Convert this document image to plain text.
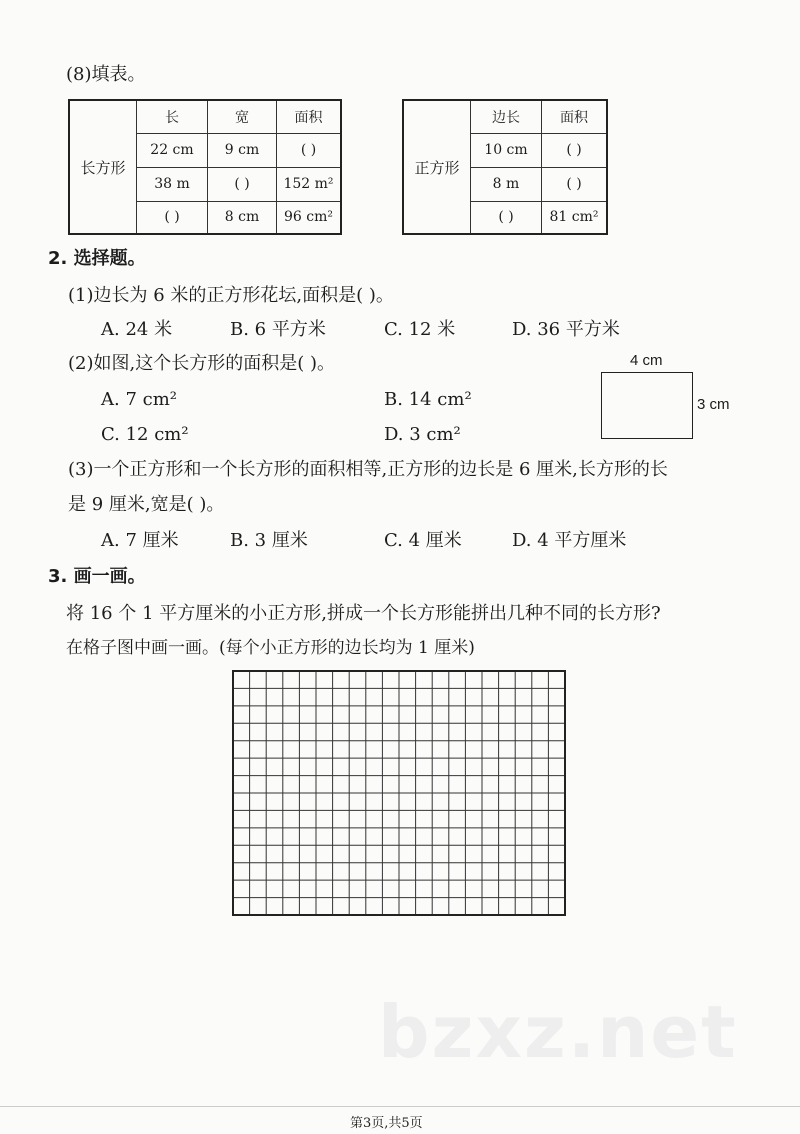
(8)填表。
长方形	长	宽	面积
	22 cm	9 cm	( )
	38 m	( )	152 m²
	( )	8 cm	96 cm²
正方形	边长	面积
	10 cm	( )
	8 m	( )
	( )	81 cm²
2. 选择题。
(1)边长为 6 米的正方形花坛,面积是( )。
A. 24 米	B. 6 平方米	C. 12 米	D. 36 平方米
(2)如图,这个长方形的面积是( )。
A. 7 cm²	B. 14 cm²
C. 12 cm²	D. 3 cm²
4 cm
3 cm
(3)一个正方形和一个长方形的面积相等,正方形的边长是 6 厘米,长方形的长
是 9 厘米,宽是( )。
A. 7 厘米	B. 3 厘米	C. 4 厘米	D. 4 平方厘米
3. 画一画。
将 16 个 1 平方厘米的小正方形,拼成一个长方形能拼出几种不同的长方形?
在格子图中画一画。(每个小正方形的边长均为 1 厘米)
bzxz.net
第3页,共5页
